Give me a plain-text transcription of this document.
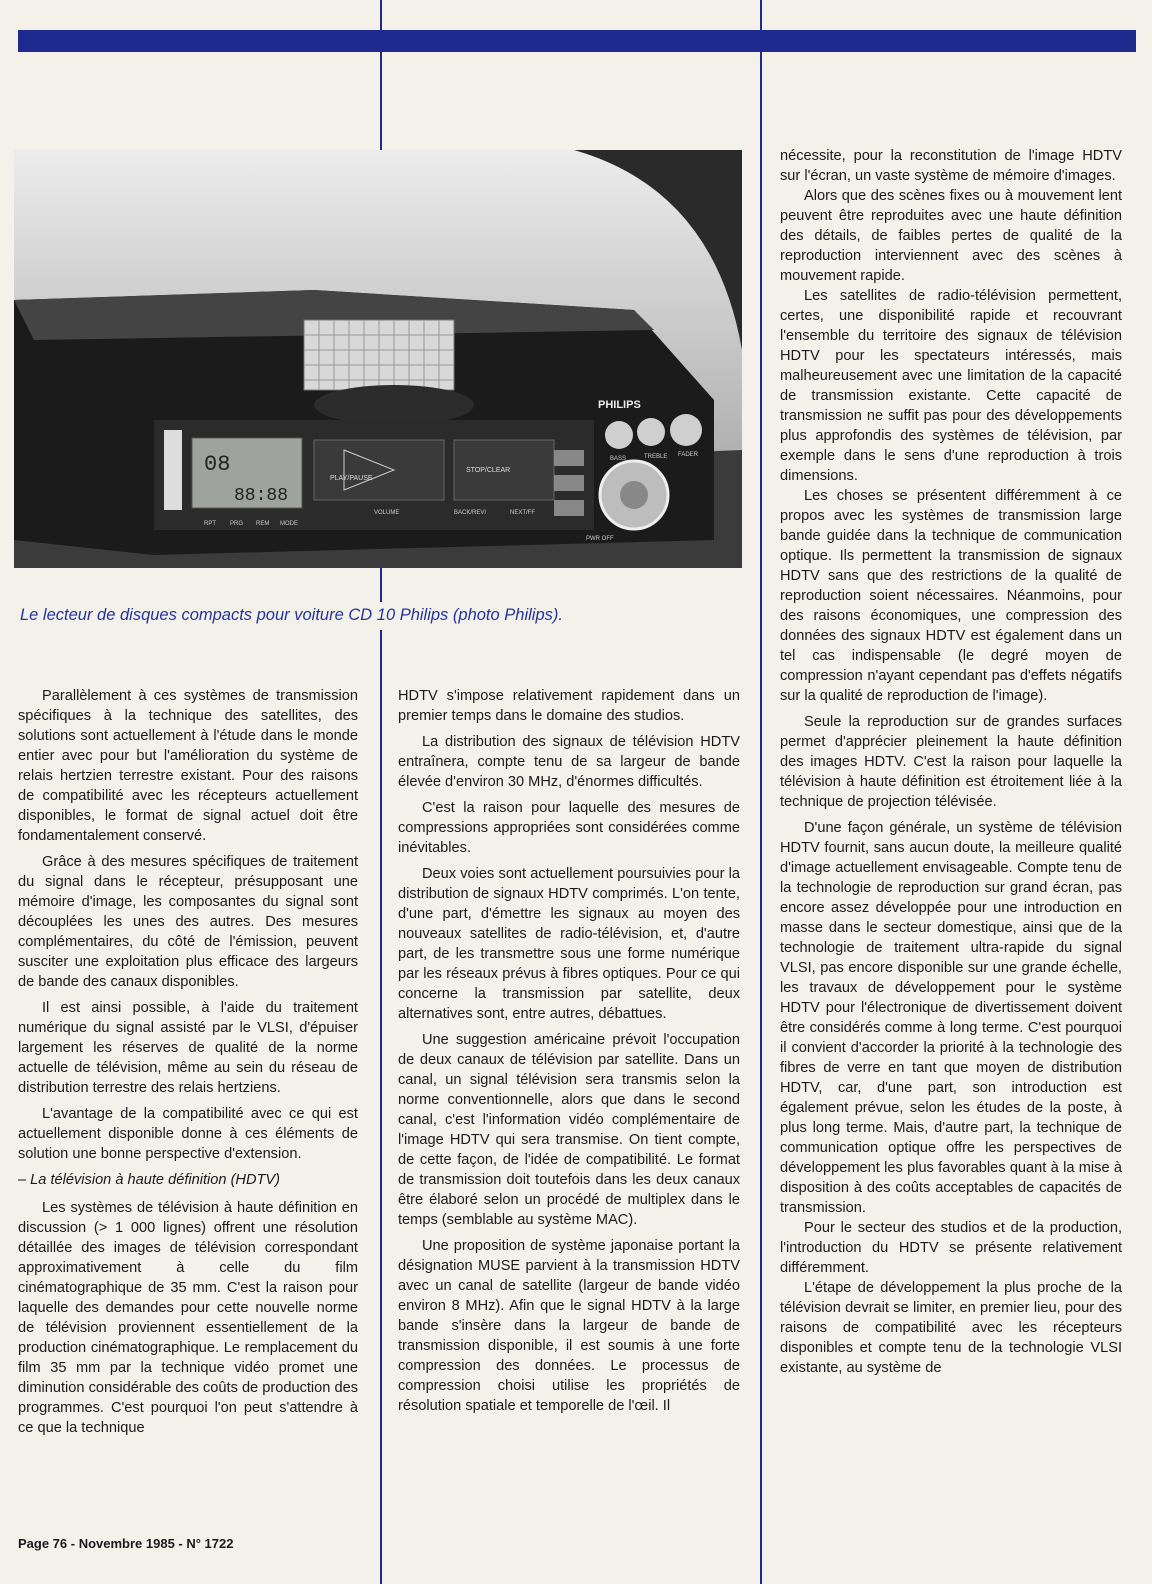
08
88:88
PLAY/PAUSE
STOP/CLEAR
PHILIPS
BASS	TREBLE FADER
PWR OFF
VOLUME	BACK/REVI	NEXT/FF
RPT PRG REM MODE
Le lecteur de disques compacts pour voiture CD 10 Philips (photo Philips).

Parallèlement à ces systèmes de transmission spécifiques à la technique des satellites, des solutions sont actuellement à l'étude dans le monde entier avec pour but l'amélioration du système de relais hertzien terrestre existant. Pour des raisons de compatibilité avec les récepteurs actuellement disponibles, le format de signal actuel doit être fondamentalement conservé.

Grâce à des mesures spécifiques de traitement du signal dans le récepteur, présupposant une mémoire d'image, les composantes du signal sont découplées les unes des autres. Des mesures complémentaires, du côté de l'émission, peuvent susciter une exploitation plus efficace des largeurs de bande des canaux disponibles.

Il est ainsi possible, à l'aide du traitement numérique du signal assisté par le VLSI, d'épuiser largement les réserves de qualité de la norme actuelle de télévision, même au sein du réseau de distribution terrestre des relais hertziens.

L'avantage de la compatibilité avec ce qui est actuellement disponible donne à ces éléments de solution une bonne perspective d'extension.

– La télévision à haute définition (HDTV)

Les systèmes de télévision à haute définition en discussion (> 1 000 lignes) offrent une résolution détaillée des images de télévision correspondant approximativement à celle du film cinématographique de 35 mm. C'est la raison pour laquelle des demandes pour cette nouvelle norme de télévision proviennent essentiellement de la production cinématographique. Le remplacement du film 35 mm par la technique vidéo promet une diminution considérable des coûts de production des programmes. C'est pourquoi l'on peut s'attendre à ce que la technique

HDTV s'impose relativement rapidement dans un premier temps dans le domaine des studios.

La distribution des signaux de télévision HDTV entraînera, compte tenu de sa largeur de bande élevée d'environ 30 MHz, d'énormes difficultés.

C'est la raison pour laquelle des mesures de compressions appropriées sont considérées comme inévitables.

Deux voies sont actuellement poursuivies pour la distribution de signaux HDTV comprimés. L'on tente, d'une part, d'émettre les signaux au moyen des nouveaux satellites de radio-télévision, et, d'autre part, de les transmettre sous une forme numérique par les réseaux prévus à fibres optiques. Pour ce qui concerne la transmission par satellite, deux alternatives sont, entre autres, débattues.

Une suggestion américaine prévoit l'occupation de deux canaux de télévision par satellite. Dans un canal, un signal télévision sera transmis selon la norme conventionnelle, alors que dans le second canal, c'est l'information vidéo complémentaire de l'image HDTV qui sera transmise. On tient compte, de cette façon, de l'idée de compatibilité. Le format de transmission doit toutefois dans les deux canaux être élaboré selon un procédé de multiplex dans le temps (semblable au système MAC).

Une proposition de système japonaise portant la désignation MUSE parvient à la transmission HDTV avec un canal de satellite (largeur de bande vidéo environ 8 MHz). Afin que le signal HDTV à la large bande s'insère dans la largeur de bande de transmission disponible, il est soumis à une forte compression des données. Le processus de compression choisi utilise les propriétés de résolution spatiale et temporelle de l'œil. Il

nécessite, pour la reconstitution de l'image HDTV sur l'écran, un vaste système de mémoire d'images.

Alors que des scènes fixes ou à mouvement lent peuvent être reproduites avec une haute définition des détails, de faibles pertes de qualité de la reproduction interviennent avec des scènes à mouvement rapide.

Les satellites de radio-télévision permettent, certes, une disponibilité rapide et recouvrant l'ensemble du territoire des signaux de télévision HDTV pour les spectateurs intéressés, mais malheureusement avec une limitation de la capacité de transmission existante. Cette capacité de transmission ne suffit pas pour des développements plus approfondis des systèmes de télévision, par exemple dans le sens d'une reproduction à trois dimensions.

Les choses se présentent différemment à ce propos avec les systèmes de transmission large bande guidée dans la technique de communication optique. Ils permettent la transmission de signaux HDTV sans que des restrictions de la qualité de reproduction soient nécessaires. Néanmoins, pour des raisons économiques, une compression des données des signaux HDTV est également dans un tel cas indispensable (le degré moyen de compression n'ayant cependant pas d'effets négatifs sur la qualité de reproduction de l'image).

Seule la reproduction sur de grandes surfaces permet d'apprécier pleinement la haute définition des images HDTV. C'est la raison pour laquelle la télévision à haute définition est étroitement liée à la technique de projection télévisée.

D'une façon générale, un système de télévision HDTV fournit, sans aucun doute, la meilleure qualité d'image actuellement envisageable. Compte tenu de la technologie de reproduction sur grand écran, pas encore assez développée pour une introduction en masse dans le secteur domestique, ainsi que de la technologie de traitement ultra-rapide du signal VLSI, pas encore disponible sur une grande échelle, les travaux de développement pour le système HDTV pour l'électronique de divertissement doivent être considérés comme à long terme. C'est pourquoi il convient d'accorder la priorité à la technologie des fibres de verre en tant que moyen de distribution HDTV, car, d'une part, son introduction est également prévue, selon les études de la poste, à plus long terme. Mais, d'autre part, la technique de communication optique offre les perspectives de développement les plus favorables quant à la mise à disposition à des coûts acceptables de capacités de transmission.

Pour le secteur des studios et de la production, l'introduction du HDTV se présente relativement différemment.

L'étape de développement la plus proche de la télévision devrait se limiter, en premier lieu, pour des raisons de compatibilité avec les récepteurs disponibles et compte tenu de la technologie VLSI existante, au système de

Page 76 - Novembre 1985 - N° 1722
